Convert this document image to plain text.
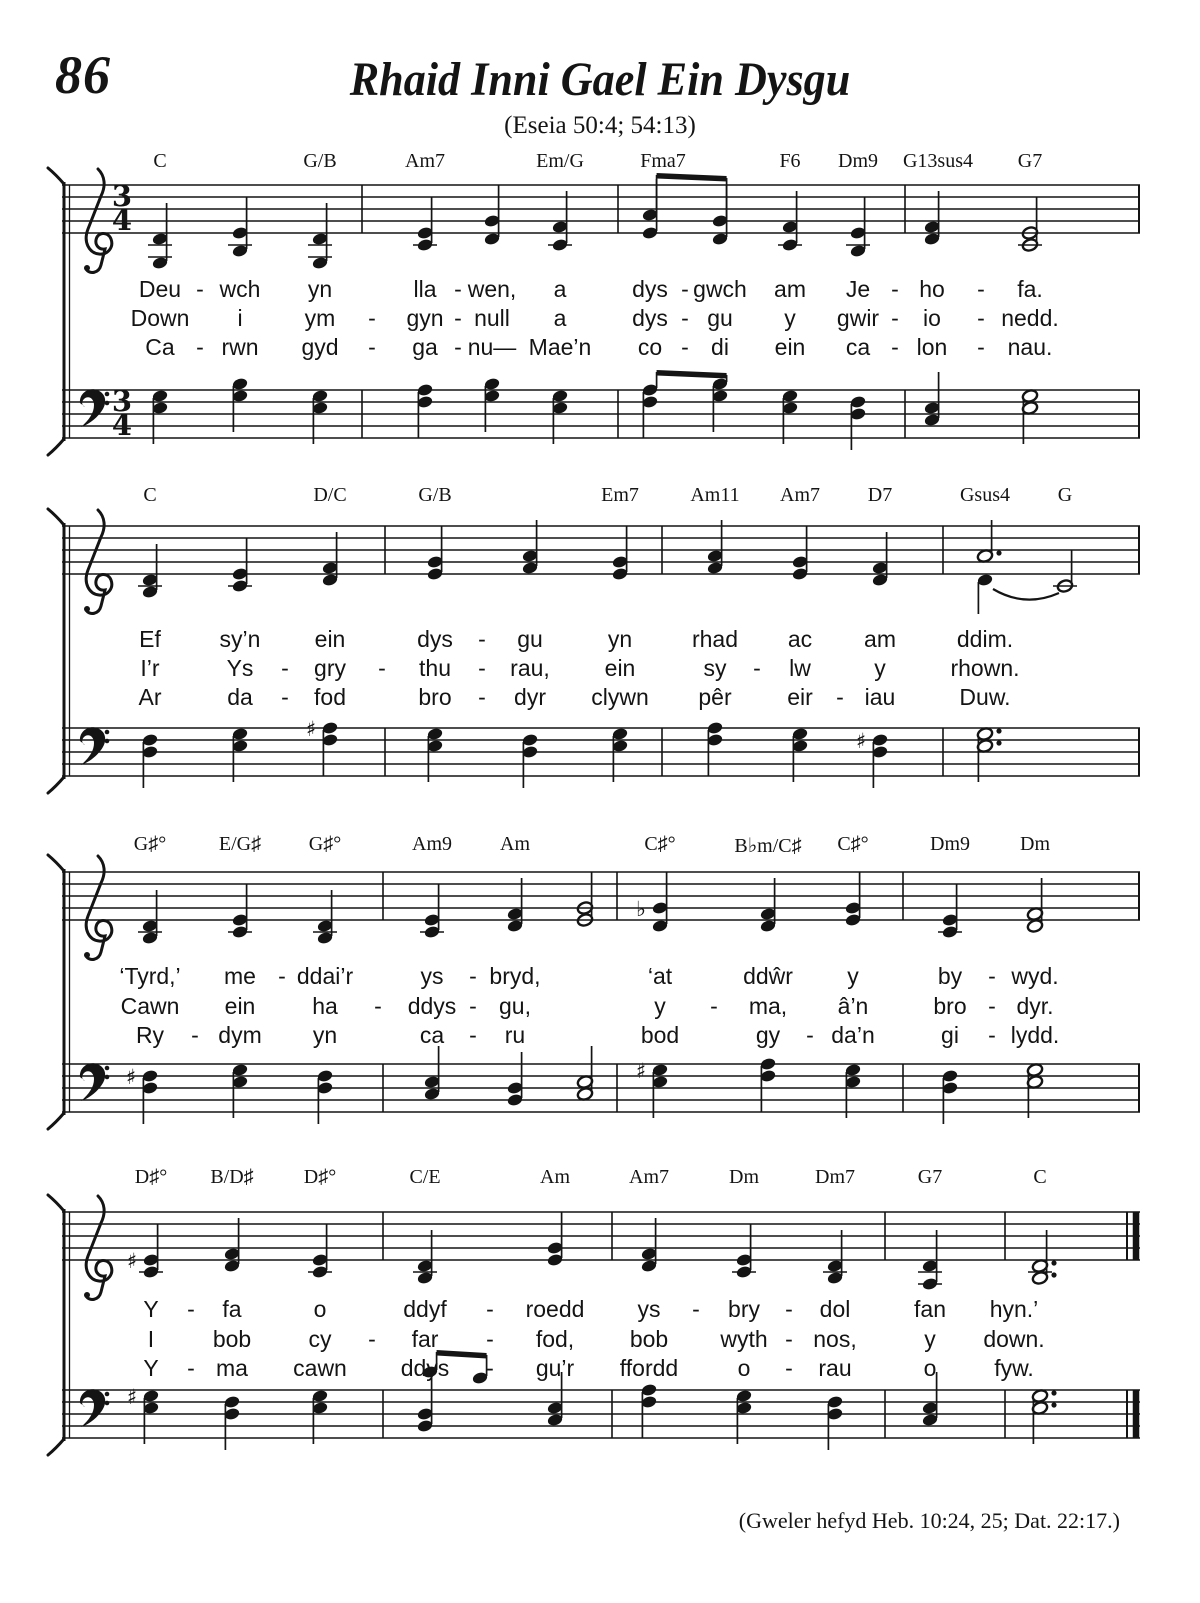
3
4
3
4
♯	♯
♯
♭
♯
♯
♯
86	Rhaid Inni Gael Ein Dysgu
(Eseia 50:4; 54:13)
(Gweler hefyd Heb. 10:24, 25; Dat. 22:17.)
C	G/B	Am7	Em/G	Fma7	F6 Dm9 G13sus4 G7
Deu - wch yn	lla - wen, a	dys - gwch am Je - ho - fa.
Down i	ym - gyn - null a	dys - gu y gwir - io - nedd.
Ca - rwn gyd - ga - nu— Mae’n co - di ein ca - lon - nau.
C	D/C	G/B	Em7	Am11 Am7 D7	Gsus4 G
Ef	sy’n ein	dys - gu	yn	rhad ac am	ddim.
I’r	Ys - gry - thu - rau, ein	sy - lw	y	rhown.
Ar	da - fod	bro - dyr clywn pêr eir - iau	Duw.
G♯°	E/G♯ G♯°	Am9 Am	C♯°	B♭m/C♯ C♯°	Dm9	Dm
‘Tyrd,’ me - ddai’r	ys - bryd,	‘at	ddŵr y	by - wyd.
Cawn ein ha - ddys - gu,	y - ma, â’n	bro - dyr.
Ry - dym yn	ca - ru	bod	gy - da’n	gi - lydd.
D♯° B/D♯	D♯°	C/E	Am	Am7	Dm	Dm7	G7	C
Y - fa	o	ddyf - roedd ys - bry - dol	fan hyn.’
I	bob cy - far - fod, bob wyth - nos,	y down.
Y - ma cawn ddys - gu’r ffordd	o - rau	o	fyw.
